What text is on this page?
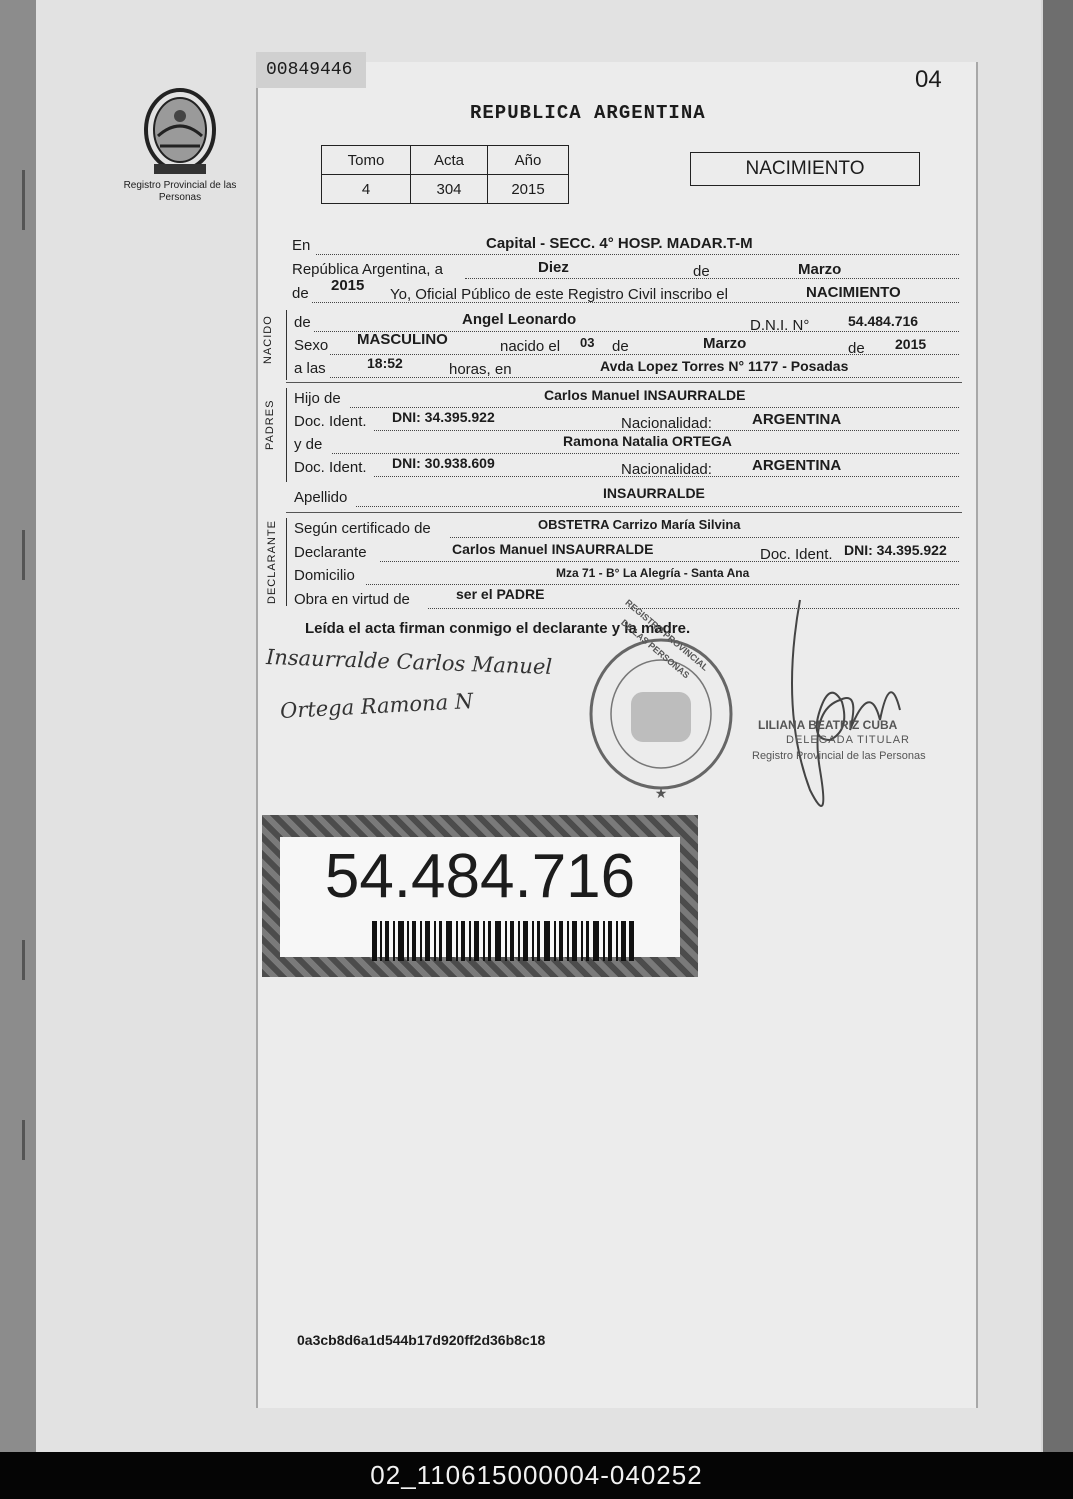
00849446	04
REPUBLICA ARGENTINA
Registro Provincial de las Personas
Tomo	Acta	Año
4	304	2015
NACIMIENTO
En	Capital - SECC. 4° HOSP. MADAR.T-M
República Argentina, a	Diez	de	Marzo
de 2015
Yo, Oficial Público de este Registro Civil inscribo el	NACIMIENTO
NACIDO de	Angel Leonardo	D.N.I. N°	54.484.716
Sexo MASCULINO	nacido el 03 de	Marzo	de 2015
a las	18:52	horas, en	Avda Lopez Torres N° 1177 - Posadas
PADRES
Hijo de	Carlos Manuel INSAURRALDE
Doc. Ident. DNI: 34.395.922	Nacionalidad:	ARGENTINA
y de	Ramona Natalia ORTEGA
Doc. Ident. DNI: 30.938.609	Nacionalidad:	ARGENTINA
Apellido	INSAURRALDE
DECLARANTE Según certificado de	OBSTETRA Carrizo María Silvina
Declarante	Carlos Manuel INSAURRALDE	Doc. Ident. DNI: 34.395.922
Domicilio	Mza 71 - B° La Alegría - Santa Ana
Obra en virtud de	ser el PADRE
Leída el acta firman conmigo el declarante y la madre.
Insaurralde Carlos Manuel
Ortega Ramona N
★
REGISTRO PROVINCIAL DE LAS PERSONAS
LILIANA BEATRIZ CUBA
DELEGADA TITULAR
Registro Provincial de las Personas
54.484.716
0a3cb8d6a1d544b17d920ff2d36b8c18
02_110615000004-040252
